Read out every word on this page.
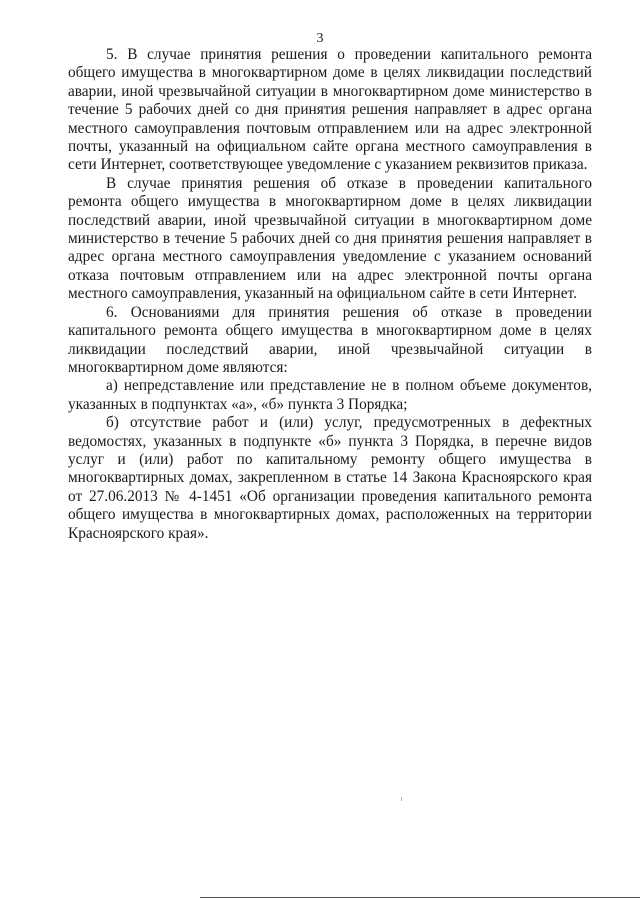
3

5. В случае принятия решения о проведении капитального ремонта общего имущества в многоквартирном доме в целях ликвидации последствий аварии, иной чрезвычайной ситуации в многоквартирном доме министерство в течение 5 рабочих дней со дня принятия решения направляет в адрес органа местного самоуправления почтовым отправлением или на адрес электронной почты, указанный на официальном сайте органа местного самоуправления в сети Интернет, соответствующее уведомление с указанием реквизитов приказа.

В случае принятия решения об отказе в проведении капитального ремонта общего имущества в многоквартирном доме в целях ликвидации последствий аварии, иной чрезвычайной ситуации в многоквартирном доме министерство в течение 5 рабочих дней со дня принятия решения направляет в адрес органа местного самоуправления уведомление с указанием оснований отказа почтовым отправлением или на адрес электронной почты органа местного самоуправления, указанный на официальном сайте в сети Интернет.

6. Основаниями для принятия решения об отказе в проведении капитального ремонта общего имущества в многоквартирном доме в целях ликвидации последствий аварии, иной чрезвычайной ситуации в многоквартирном доме являются:

а) непредставление или представление не в полном объеме документов, указанных в подпунктах «а», «б» пункта 3 Порядка;

б) отсутствие работ и (или) услуг, предусмотренных в дефектных ведомостях, указанных в подпункте «б» пункта 3 Порядка, в перечне видов услуг и (или) работ по капитальному ремонту общего имущества в многоквартирных домах, закрепленном в статье 14 Закона Красноярского края от 27.06.2013 № 4-1451 «Об организации проведения капитального ремонта общего имущества в многоквартирных домах, расположенных на территории Красноярского края».
